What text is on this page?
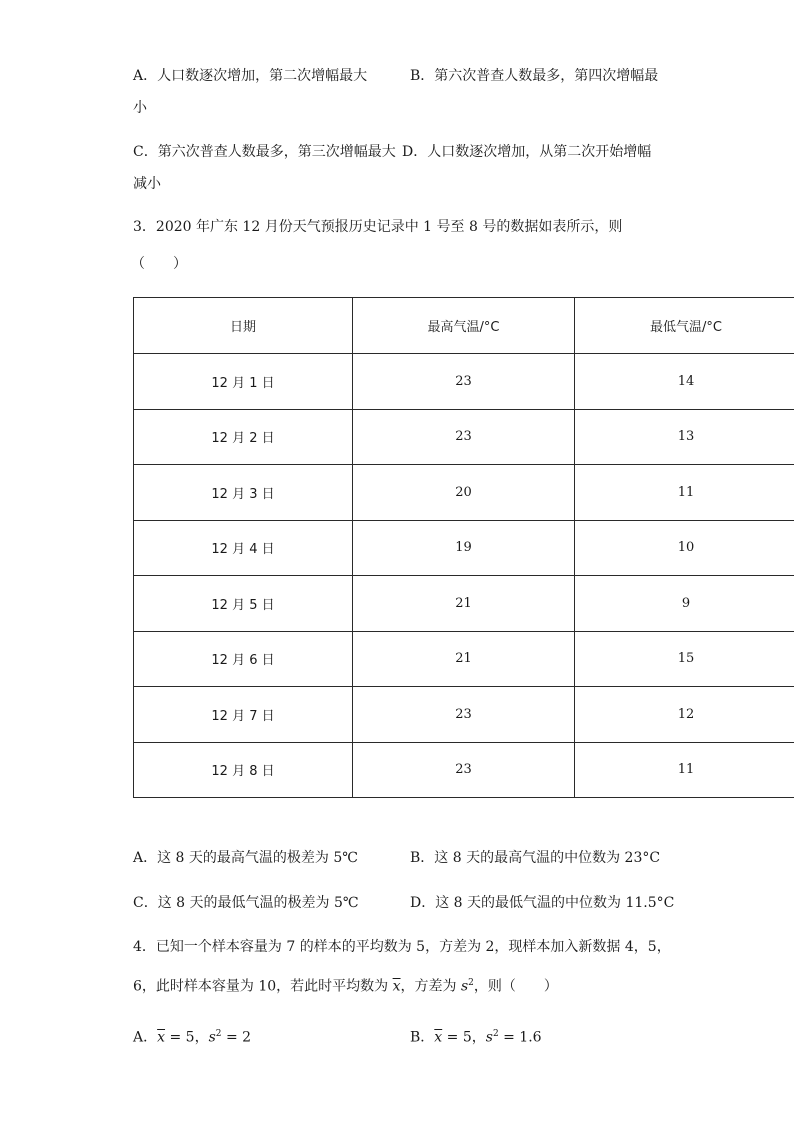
A．人口数逐次增加，第二次增幅最大	B．第六次普查人数最多，第四次增幅最
小
C．第六次普查人数最多，第三次增幅最大 D．人口数逐次增加，从第二次开始增幅
减小
3．2020 年广东 12 月份天气预报历史记录中 1 号至 8 号的数据如表所示，则
（　　）
日期	最高气温/°C	最低气温/°C
12 月 1 日	23	14
12 月 2 日	23	13
12 月 3 日	20	11
12 月 4 日	19	10
12 月 5 日	21	9
12 月 6 日	21	15
12 月 7 日	23	12
12 月 8 日	23	11
A．这 8 天的最高气温的极差为 5℃	B．这 8 天的最高气温的中位数为 23°C
C．这 8 天的最低气温的极差为 5℃	D．这 8 天的最低气温的中位数为 11.5°C
4．已知一个样本容量为 7 的样本的平均数为 5，方差为 2，现样本加入新数据 4，5，
6，此时样本容量为 10，若此时平均数为 $\overline{x}$，方差为 $s^2$，则（　　）
A．$\overline{x} = 5$，$s^2 = 2$	B．$\overline{x} = 5$，$s^2 = 1.6$
